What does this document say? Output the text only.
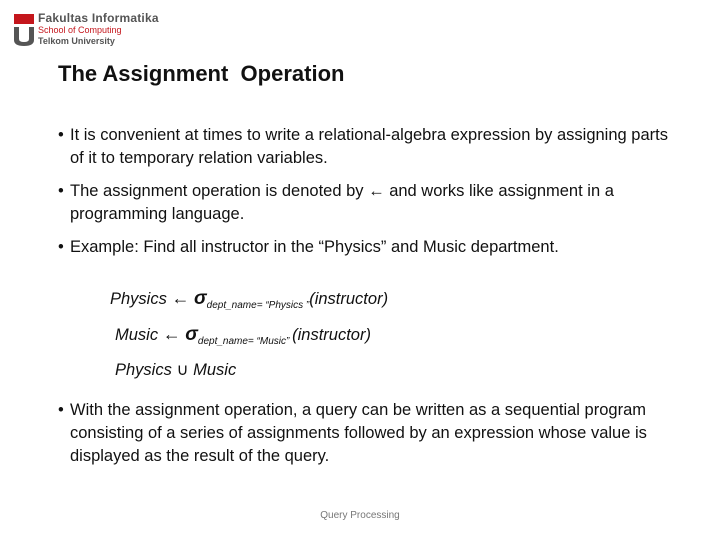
Fakultas Informatika
School of Computing
Telkom University
The Assignment  Operation
• It is convenient at times to write a relational-algebra expression by assigning parts of it to temporary relation variables.
• The assignment operation is denoted by ← and works like assignment in a programming language.
• Example: Find all instructor in the “Physics” and Music department.
Physics ← $\sigma_{dept\_name= “Physics ”}(instructor)$
Music ← $\sigma_{dept\_name= “Music”}$ (instructor)
Physics ∪ Music
• With the assignment operation, a query can be written as a sequential program consisting of a series of assignments followed by an expression whose value is displayed as the result of the query.
Query Processing
